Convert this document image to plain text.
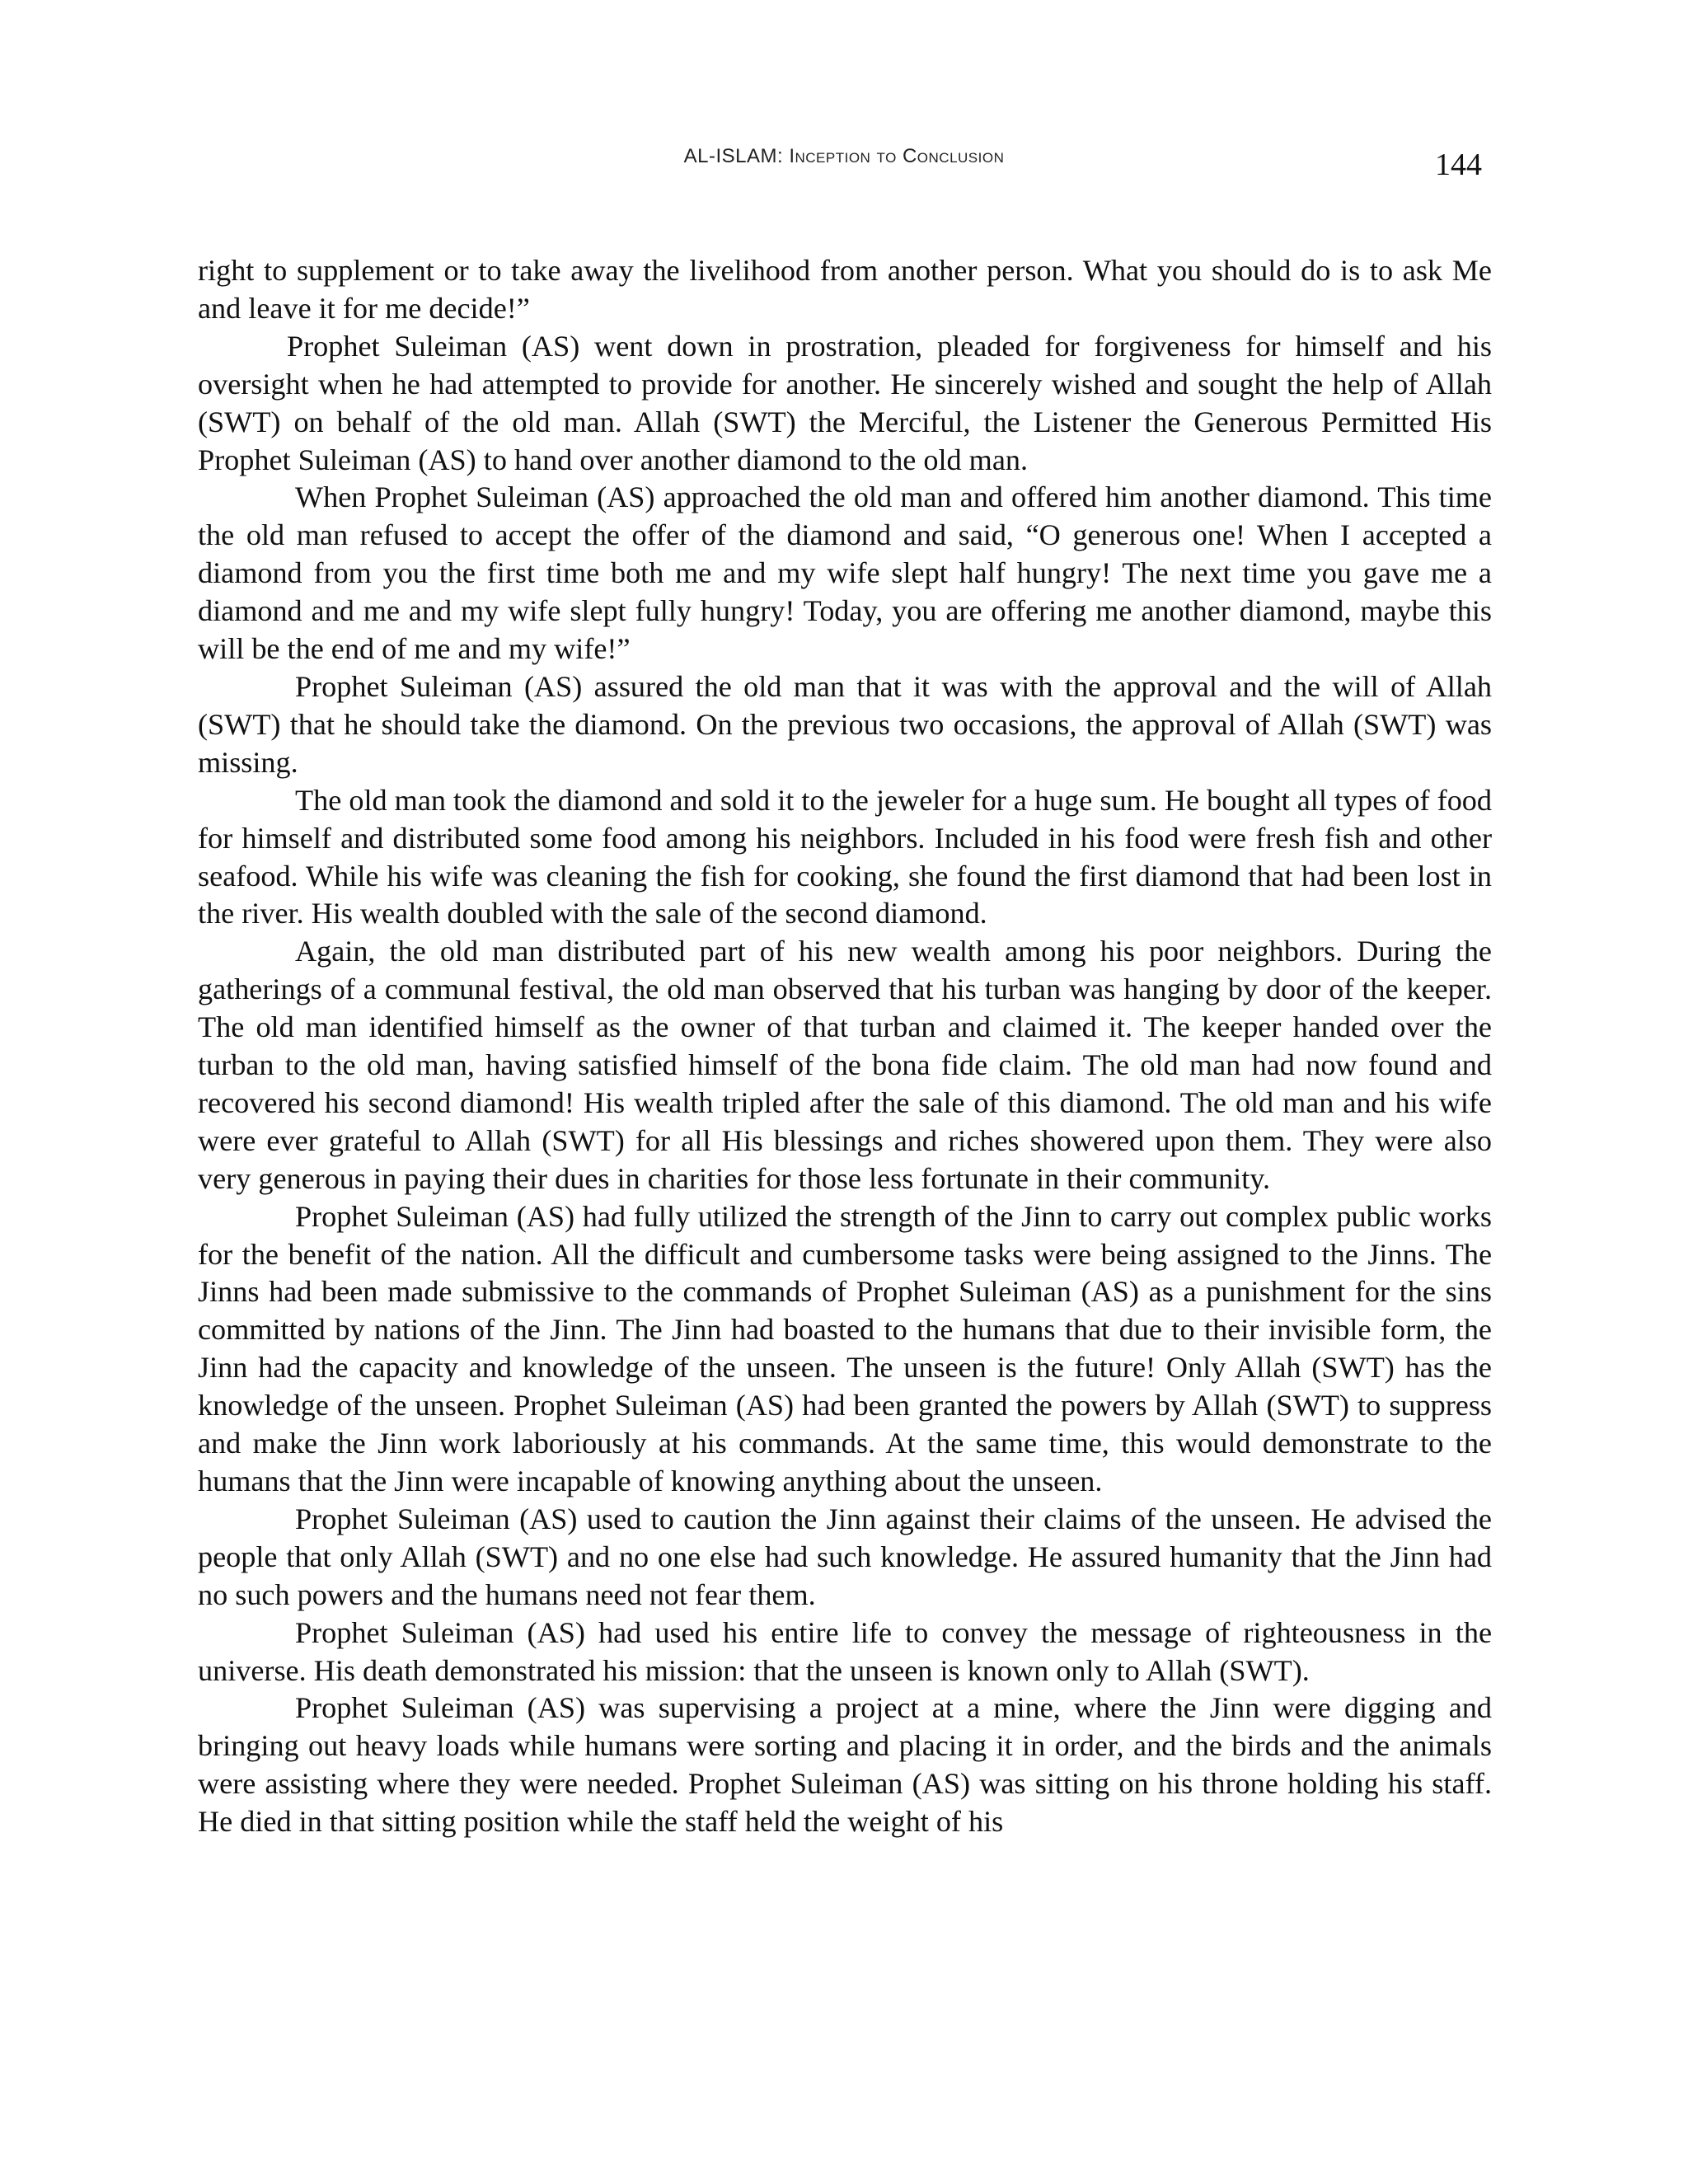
AL-ISLAM: Inception to Conclusion	144

right to supplement or to take away the livelihood from another person. What you should do is to ask Me and leave it for me decide!”

Prophet Suleiman (AS) went down in prostration, pleaded for forgiveness for himself and his oversight when he had attempted to provide for another. He sincerely wished and sought the help of Allah (SWT) on behalf of the old man. Allah (SWT) the Merciful, the Listener the Generous Permitted His Prophet Suleiman (AS) to hand over another diamond to the old man.

When Prophet Suleiman (AS) approached the old man and offered him another diamond. This time the old man refused to accept the offer of the diamond and said, “O generous one! When I accepted a diamond from you the first time both me and my wife slept half hungry! The next time you gave me a diamond and me and my wife slept fully hungry! Today, you are offering me another diamond, maybe this will be the end of me and my wife!”

Prophet Suleiman (AS) assured the old man that it was with the approval and the will of Allah (SWT) that he should take the diamond. On the previous two occasions, the approval of Allah (SWT) was missing.

The old man took the diamond and sold it to the jeweler for a huge sum. He bought all types of food for himself and distributed some food among his neighbors. Included in his food were fresh fish and other seafood. While his wife was cleaning the fish for cooking, she found the first diamond that had been lost in the river. His wealth doubled with the sale of the second diamond.

Again, the old man distributed part of his new wealth among his poor neighbors. During the gatherings of a communal festival, the old man observed that his turban was hanging by door of the keeper. The old man identified himself as the owner of that turban and claimed it. The keeper handed over the turban to the old man, having satisfied himself of the bona fide claim. The old man had now found and recovered his second diamond! His wealth tripled after the sale of this diamond. The old man and his wife were ever grateful to Allah (SWT) for all His blessings and riches showered upon them. They were also very generous in paying their dues in charities for those less fortunate in their community.

Prophet Suleiman (AS) had fully utilized the strength of the Jinn to carry out complex public works for the benefit of the nation. All the difficult and cumbersome tasks were being assigned to the Jinns. The Jinns had been made submissive to the commands of Prophet Suleiman (AS) as a punishment for the sins committed by nations of the Jinn. The Jinn had boasted to the humans that due to their invisible form, the Jinn had the capacity and knowledge of the unseen. The unseen is the future! Only Allah (SWT) has the knowledge of the unseen. Prophet Suleiman (AS) had been granted the powers by Allah (SWT) to suppress and make the Jinn work laboriously at his commands. At the same time, this would demonstrate to the humans that the Jinn were incapable of knowing anything about the unseen.

Prophet Suleiman (AS) used to caution the Jinn against their claims of the unseen. He advised the people that only Allah (SWT) and no one else had such knowledge. He assured humanity that the Jinn had no such powers and the humans need not fear them.

Prophet Suleiman (AS) had used his entire life to convey the message of righteousness in the universe. His death demonstrated his mission: that the unseen is known only to Allah (SWT).

Prophet Suleiman (AS) was supervising a project at a mine, where the Jinn were digging and bringing out heavy loads while humans were sorting and placing it in order, and the birds and the animals were assisting where they were needed. Prophet Suleiman (AS) was sitting on his throne holding his staff. He died in that sitting position while the staff held the weight of his
